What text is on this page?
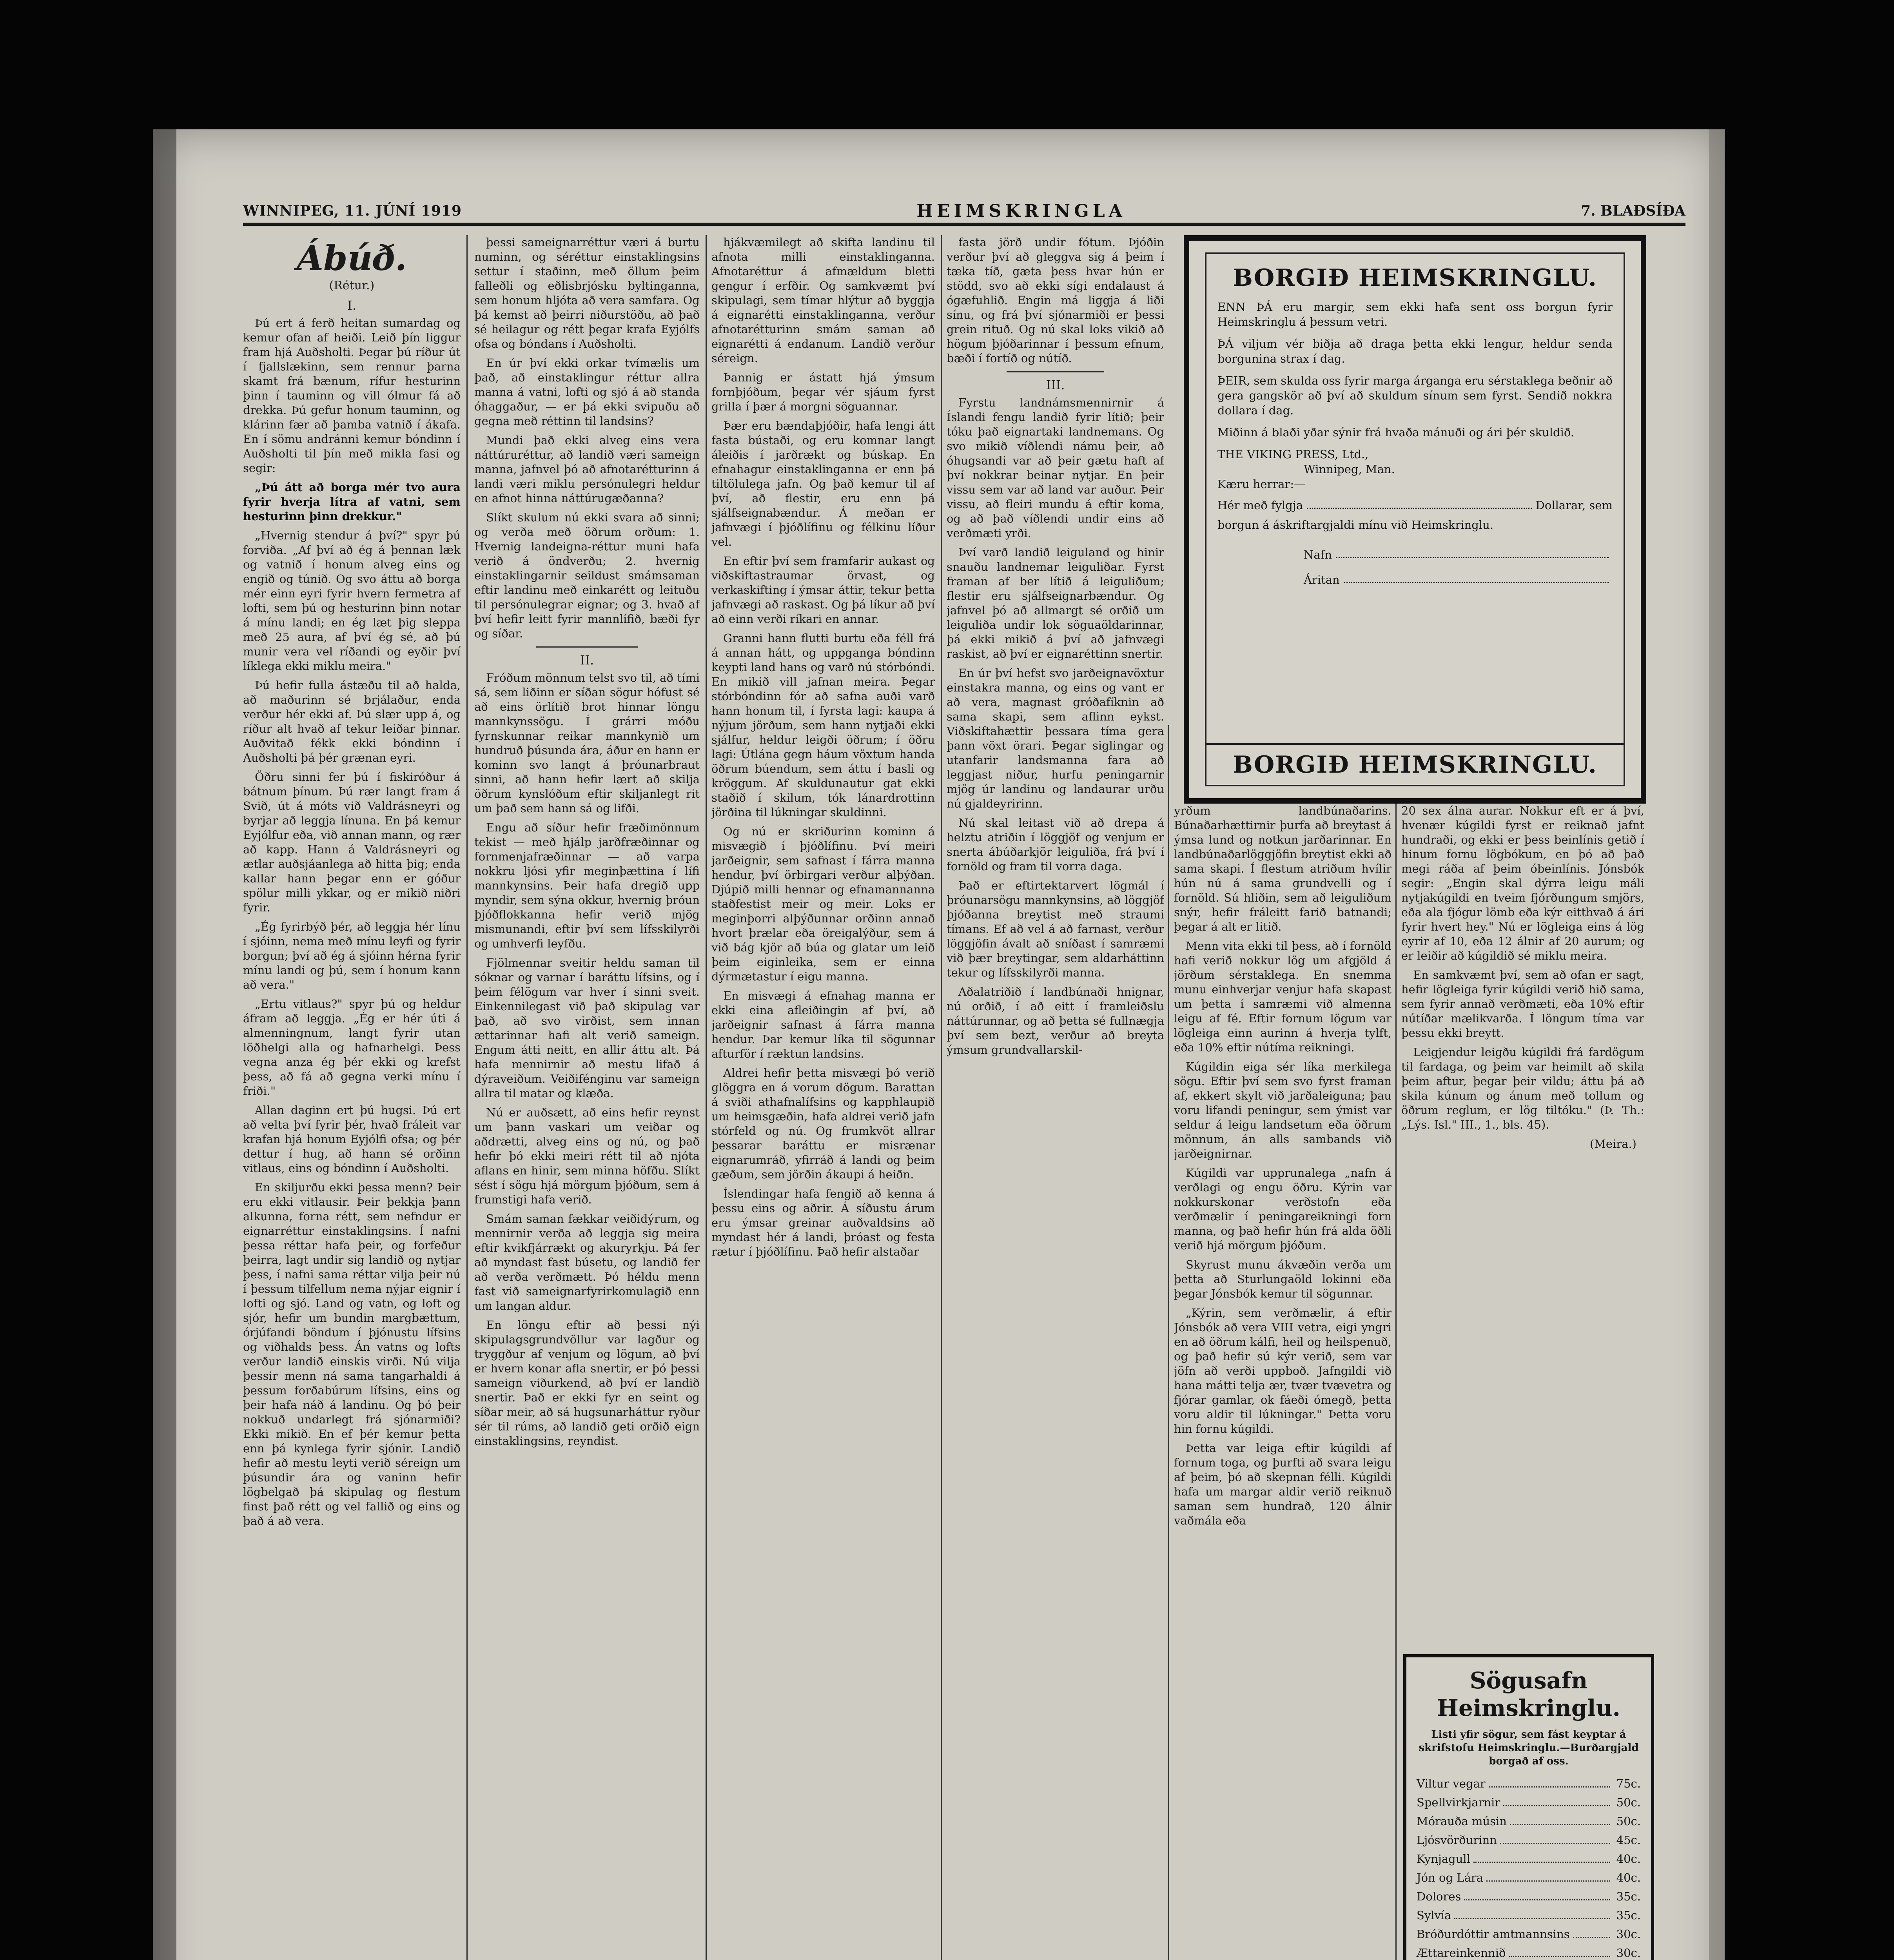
WINNIPEG, 11. JÚNÍ 1919	HEIMSKRINGLA	7. BLAÐSÍÐA
Ábúð.
(Rétur.)
I.

Þú ert á ferð heitan sumardag og kemur ofan af heiði. Leið þín liggur fram hjá Auðsholti. Þegar þú ríður út í fjallslækinn, sem rennur þarna skamt frá bænum, rífur hesturinn þinn í tauminn og vill ólmur fá að drekka. Þú gefur honum tauminn, og klárinn fær að þamba vatnið í ákafa. En í sömu andránni kemur bóndinn í Auðsholti til þín með mikla fasi og segir:

„Þú átt að borga mér tvo aura fyrir hverja lítra af vatni, sem hesturinn þinn drekkur."

„Hvernig stendur á því?" spyr þú forviða. „Af því að ég á þennan læk og vatnið í honum alveg eins og engið og túnið. Og svo áttu að borga mér einn eyri fyrir hvern fermetra af lofti, sem þú og hesturinn þinn notar á mínu landi; en ég læt þig sleppa með 25 aura, af því ég sé, að þú munir vera vel ríðandi og eyðir því líklega ekki miklu meira."

Þú hefir fulla ástæðu til að halda, að maðurinn sé brjálaður, enda verður hér ekki af. Þú slær upp á, og ríður alt hvað af tekur leiðar þinnar. Auðvitað fékk ekki bóndinn í Auðsholti þá þér grænan eyri.

Öðru sinni fer þú í fiskiróður á bátnum þínum. Þú rær langt fram á Svið, út á móts við Valdrásneyri og byrjar að leggja línuna. En þá kemur Eyjólfur eða, við annan mann, og rær að kapp. Hann á Valdrásneyri og ætlar auðsjáanlega að hitta þig; enda kallar hann þegar enn er góður spölur milli ykkar, og er mikið niðri fyrir.

„Ég fyrirbýð þér, að leggja hér línu í sjóinn, nema með mínu leyfi og fyrir borgun; því að ég á sjóinn hérna fyrir mínu landi og þú, sem í honum kann að vera."

„Ertu vitlaus?" spyr þú og heldur áfram að leggja. „Ég er hér úti á almenningnum, langt fyrir utan löðhelgi alla og hafnarhelgi. Þess vegna anza ég þér ekki og krefst þess, að fá að gegna verki mínu í friði."

Allan daginn ert þú hugsi. Þú ert að velta því fyrir þér, hvað fráleit var krafan hjá honum Eyjólfi ofsa; og þér dettur í hug, að hann sé orðinn vitlaus, eins og bóndinn í Auðsholti.

En skiljurðu ekki þessa menn? Þeir eru ekki vitlausir. Þeir þekkja þann alkunna, forna rétt, sem nefndur er eignarréttur einstaklingsins. Í nafni þessa réttar hafa þeir, og forfeður þeirra, lagt undir sig landið og nytjar þess, í nafni sama réttar vilja þeir nú í þessum tilfellum nema nýjar eignir í lofti og sjó. Land og vatn, og loft og sjór, hefir um bundin margbættum, órjúfandi böndum í þjónustu lífsins og viðhalds þess. Án vatns og lofts verður landið einskis virði. Nú vilja þessir menn ná sama tangarhaldi á þessum forðabúrum lífsins, eins og þeir hafa náð á landinu. Og þó þeir nokkuð undarlegt frá sjónarmiði? Ekki mikið. En ef þér kemur þetta enn þá kynlega fyrir sjónir. Landið hefir að mestu leyti verið séreign um þúsundir ára og vaninn hefir lögbelgað þá skipulag og flestum finst það rétt og vel fallið og eins og það á að vera.

þessi sameignarréttur væri á burtu numinn, og séréttur einstaklingsins settur í staðinn, með öllum þeim falleðli og eðlisbrjósku byltinganna, sem honum hljóta að vera samfara. Og þá kemst að þeirri niðurstöðu, að það sé heilagur og rétt þegar krafa Eyjólfs ofsa og bóndans í Auðsholti.

En úr því ekki orkar tvímælis um það, að einstaklingur réttur allra manna á vatni, lofti og sjó á að standa óhaggaður, — er þá ekki svipuðu að gegna með réttinn til landsins?

Mundi það ekki alveg eins vera náttúruréttur, að landið væri sameign manna, jafnvel þó að afnotarétturinn á landi væri miklu persónulegri heldur en afnot hinna náttúrugæðanna?

Slíkt skulum nú ekki svara að sinni; og verða með öðrum orðum: 1. Hvernig landeigna-réttur muni hafa verið á öndverðu; 2. hvernig einstaklingarnir seildust smámsaman eftir landinu með einkarétt og leituðu til persónulegrar eignar; og 3. hvað af því hefir leitt fyrir mannlífið, bæði fyr og síðar.

II.

Fróðum mönnum telst svo til, að tími sá, sem liðinn er síðan sögur hófust sé að eins örlítið brot hinnar löngu mannkynssögu. Í grárri móðu fyrnskunnar reikar mannkynið um hundruð þúsunda ára, áður en hann er kominn svo langt á þróunarbraut sinni, að hann hefir lært að skilja öðrum kynslóðum eftir skiljanlegt rit um það sem hann sá og lifði.

Engu að síður hefir fræðimönnum tekist — með hjálp jarðfræðinnar og fornmenjafræðinnar — að varpa nokkru ljósi yfir meginþættina í lífi mannkynsins. Þeir hafa dregið upp myndir, sem sýna okkur, hvernig þróun þjóðflokkanna hefir verið mjög mismunandi, eftir því sem lífsskilyrði og umhverfi leyfðu.

Fjölmennar sveitir heldu saman til sóknar og varnar í baráttu lífsins, og í þeim félögum var hver í sinni sveit. Einkennilegast við það skipulag var það, að svo virðist, sem innan ættarinnar hafi alt verið sameign. Engum átti neitt, en allir áttu alt. Þá hafa mennirnir að mestu lifað á dýraveiðum. Veiðifénginu var sameign allra til matar og klæða.

Nú er auðsætt, að eins hefir reynst um þann vaskari um veiðar og aðdrætti, alveg eins og nú, og það hefir þó ekki meiri rétt til að njóta aflans en hinir, sem minna höfðu. Slíkt sést í sögu hjá mörgum þjóðum, sem á frumstigi hafa verið.

Smám saman fækkar veiðidýrum, og mennirnir verða að leggja sig meira eftir kvikfjárrækt og akuryrkju. Þá fer að myndast fast búsetu, og landið fer að verða verðmætt. Þó héldu menn fast við sameignarfyrirkomulagið enn um langan aldur.

En löngu eftir að þessi nýi skipulagsgrundvöllur var lagður og tryggður af venjum og lögum, að því er hvern konar afla snertir, er þó þessi sameign viðurkend, að því er landið snertir. Það er ekki fyr en seint og síðar meir, að sá hugsunarháttur ryður sér til rúms, að landið geti orðið eign einstaklingsins, reyndist.

hjákvæmilegt að skifta landinu til afnota milli einstaklinganna. Afnotaréttur á afmældum bletti gengur í erfðir. Og samkvæmt því skipulagi, sem tímar hlýtur að byggja á eignarétti einstaklinganna, verður afnotarétturinn smám saman að eignarétti á endanum. Landið verður séreign.

Þannig er ástatt hjá ýmsum fornþjóðum, þegar vér sjáum fyrst grilla í þær á morgni söguannar.

Þær eru bændaþjóðir, hafa lengi átt fasta bústaði, og eru komnar langt áleiðis í jarðrækt og búskap. En efnahagur einstaklinganna er enn þá tiltölulega jafn. Og það kemur til af því, að flestir, eru enn þá sjálfseignabændur. Á meðan er jafnvægi í þjóðlífinu og félkinu líður vel.

En eftir því sem framfarir aukast og viðskiftastraumar örvast, og verkaskifting í ýmsar áttir, tekur þetta jafnvægi að raskast. Og þá líkur að því að einn verði ríkari en annar.

Granni hann flutti burtu eða féll frá á annan hátt, og uppganga bóndinn keypti land hans og varð nú stórbóndi. En mikið vill jafnan meira. Þegar stórbóndinn fór að safna auði varð hann honum til, í fyrsta lagi: kaupa á nýjum jörðum, sem hann nytjaði ekki sjálfur, heldur leigði öðrum; í öðru lagi: Útlána gegn háum vöxtum handa öðrum búendum, sem áttu í basli og kröggum. Af skuldunautur gat ekki staðið í skilum, tók lánardrottinn jörðina til lúkningar skuldinni.

Og nú er skriðurinn kominn á misvægið í þjóðlífinu. Því meiri jarðeignir, sem safnast í fárra manna hendur, því örbirgari verður alþýðan. Djúpið milli hennar og efnamannanna staðfestist meir og meir. Loks er meginþorri alþýðunnar orðinn annað hvort þrælar eða öreigalýður, sem á við bág kjör að búa og glatar um leið þeim eiginleika, sem er einna dýrmætastur í eigu manna.

En misvægi á efnahag manna er ekki eina afleiðingin af því, að jarðeignir safnast á fárra manna hendur. Þar kemur líka til sögunnar afturför í ræktun landsins.

Aldrei hefir þetta misvægi þó verið glöggra en á vorum dögum. Barattan á sviði athafnalífsins og kapphlaupið um heimsgæðin, hafa aldrei verið jafn stórfeld og nú. Og frumkvöt allrar þessarar baráttu er misrænar eignarumráð, yfirráð á landi og þeim gæðum, sem jörðin ákaupi á heiðn.

Íslendingar hafa fengið að kenna á þessu eins og aðrir. Á síðustu árum eru ýmsar greinar auðvaldsins að myndast hér á landi, þróast og festa rætur í þjóðlífinu. Það hefir alstaðar

fasta jörð undir fótum. Þjóðin verður því að gleggva sig á þeim í tæka tíð, gæta þess hvar hún er stödd, svo að ekki sígi endalaust á ógæfuhlið. Engin má liggja á liði sínu, og frá því sjónarmiði er þessi grein rituð. Og nú skal loks vikið að högum þjóðarinnar í þessum efnum, bæði í fortíð og nútíð.

III.

Fyrstu landnámsmennirnir á Íslandi fengu landið fyrir lítið; þeir tóku það eignartaki landnemans. Og svo mikið víðlendi námu þeir, að óhugsandi var að þeir gætu haft af því nokkrar beinar nytjar. En þeir vissu sem var að land var auður. Þeir vissu, að fleiri mundu á eftir koma, og að það víðlendi undir eins að verðmæti yrði.

Því varð landið leiguland og hinir snauðu landnemar leiguliðar. Fyrst framan af ber lítið á leiguliðum; flestir eru sjálfseignarbændur. Og jafnvel þó að allmargt sé orðið um leiguliða undir lok söguaöldarinnar, þá ekki mikið á því að jafnvægi raskist, að því er eignaréttinn snertir.

En úr því hefst svo jarðeignavöxtur einstakra manna, og eins og vant er að vera, magnast gróðafíknin að sama skapi, sem aflinn eykst. Viðskiftahættir þessara tíma gera þann vöxt örari. Þegar siglingar og utanfarir landsmanna fara að leggjast niður, hurfu peningarnir mjög úr landinu og landaurar urðu nú gjaldeyririnn.

Nú skal leitast við að drepa á helztu atriðin í löggjöf og venjum er snerta ábúðarkjör leiguliða, frá því í fornöld og fram til vorra daga.

Það er eftirtektarvert lögmál í þróunarsögu mannkynsins, að löggjöf þjóðanna breytist með straumi tímans. Ef að vel á að farnast, verður löggjöfin ávalt að sníðast í samræmi við þær breytingar, sem aldarháttinn tekur og lífsskilyrði manna.

Aðalatriðið í landbúnaði hnignar, nú orðið, í að eitt í framleiðslu náttúrunnar, og að þetta sé fullnægja því sem bezt, verður að breyta ýmsum grundvallarskil-

yrðum landbúnaðarins. Búnaðarhættirnir þurfa að breytast á ýmsa lund og notkun jarðarinnar. En landbúnaðarlöggjöfin breytist ekki að sama skapi. Í flestum atriðum hvílir hún nú á sama grundvelli og í fornöld. Sú hliðin, sem að leiguliðum snýr, hefir fráleitt farið batnandi; þegar á alt er litið.

Menn vita ekki til þess, að í fornöld hafi verið nokkur lög um afgjöld á jörðum sérstaklega. En snemma munu einhverjar venjur hafa skapast um þetta í samræmi við almenna leigu af fé. Eftir fornum lögum var lögleiga einn aurinn á hverja tylft, eða 10% eftir nútíma reikningi.

Kúgildin eiga sér líka merkilega sögu. Eftir því sem svo fyrst framan af, ekkert skylt við jarðaleiguna; þau voru lifandi peningur, sem ýmist var seldur á leigu landsetum eða öðrum mönnum, án alls sambands við jarðeignirnar.

Kúgildi var upprunalega „nafn á verðlagi og engu öðru. Kýrin var nokkurskonar verðstofn eða verðmælir í peningareikningi forn manna, og það hefir hún frá alda öðli verið hjá mörgum þjóðum.

Skyrust munu ákvæðin verða um þetta að Sturlungaöld lokinni eða þegar Jónsbók kemur til sögunnar.

„Kýrin, sem verðmælir, á eftir Jónsbók að vera VIII vetra, eigi yngri en að öðrum kálfi, heil og heilspenuð, og það hefir sú kýr verið, sem var jöfn að verði uppboð. Jafngildi við hana mátti telja ær, tvær tvævetra og fjórar gamlar, ok fáeði ómegð, þetta voru aldir til lúkningar." Þetta voru hin fornu kúgildi.

Þetta var leiga eftir kúgildi af fornum toga, og þurfti að svara leigu af þeim, þó að skepnan félli. Kúgildi hafa um margar aldir verið reiknuð saman sem hundrað, 120 álnir vaðmála eða

20 sex álna aurar. Nokkur eft er á því, hvenær kúgildi fyrst er reiknað jafnt hundraði, og ekki er þess beinlínis getið í hinum fornu lögbókum, en þó að það megi ráða af þeim óbeinlínis. Jónsbók segir: „Engin skal dýrra leigu máli nytjakúgildi en tveim fjórðungum smjörs, eða ala fjógur lömb eða kýr eitthvað á ári fyrir hvert hey." Nú er lögleiga eins á lög eyrir af 10, eða 12 álnir af 20 aurum; og er leiðir að kúgildið sé miklu meira.

En samkvæmt því, sem að ofan er sagt, hefir lögleiga fyrir kúgildi verið hið sama, sem fyrir annað verðmæti, eða 10% eftir nútíðar mælikvarða. Í löngum tíma var þessu ekki breytt.

Leigjendur leigðu kúgildi frá fardögum til fardaga, og þeim var heimilt að skila þeim aftur, þegar þeir vildu; áttu þá að skila kúnum og ánum með tollum og öðrum reglum, er lög tiltóku." (Þ. Th.: „Lýs. Isl." III., 1., bls. 45).

(Meira.)
BORGIÐ HEIMSKRINGLU.

ENN ÞÁ eru margir, sem ekki hafa sent oss borgun fyrir Heimskringlu á þessum vetri.

ÞÁ viljum vér biðja að draga þetta ekki lengur, heldur senda borgunina strax í dag.

ÞEIR, sem skulda oss fyrir marga árganga eru sérstaklega beðnir að gera gangskör að því að skuldum sínum sem fyrst. Sendið nokkra dollara í dag.

Miðinn á blaði yðar sýnir frá hvaða mánuði og ári þér skuldið.

THE VIKING PRESS, Ltd.,
Winnipeg, Man.
Kæru herrar:—
Hér með fylgja	Dollarar, sem
borgun á áskriftargjaldi mínu við Heimskringlu.
Nafn
Áritan
BORGIÐ HEIMSKRINGLU.
Sögusafn
Heimskringlu.
Listi yfir sögur, sem fást keyptar á skrifstofu Heimskringlu.—Burðargjald borgað af oss.
Viltur vegar	75c.
Spellvirkjarnir	50c.
Mórauða músin	50c.
Ljósvörðurinn	45c.
Kynjagull	40c.
Jón og Lára	40c.
Dolores	35c.
Sylvía	35c.
Bróðurdóttir amtmannsins	30c.
Ættareinkennið	30c.
